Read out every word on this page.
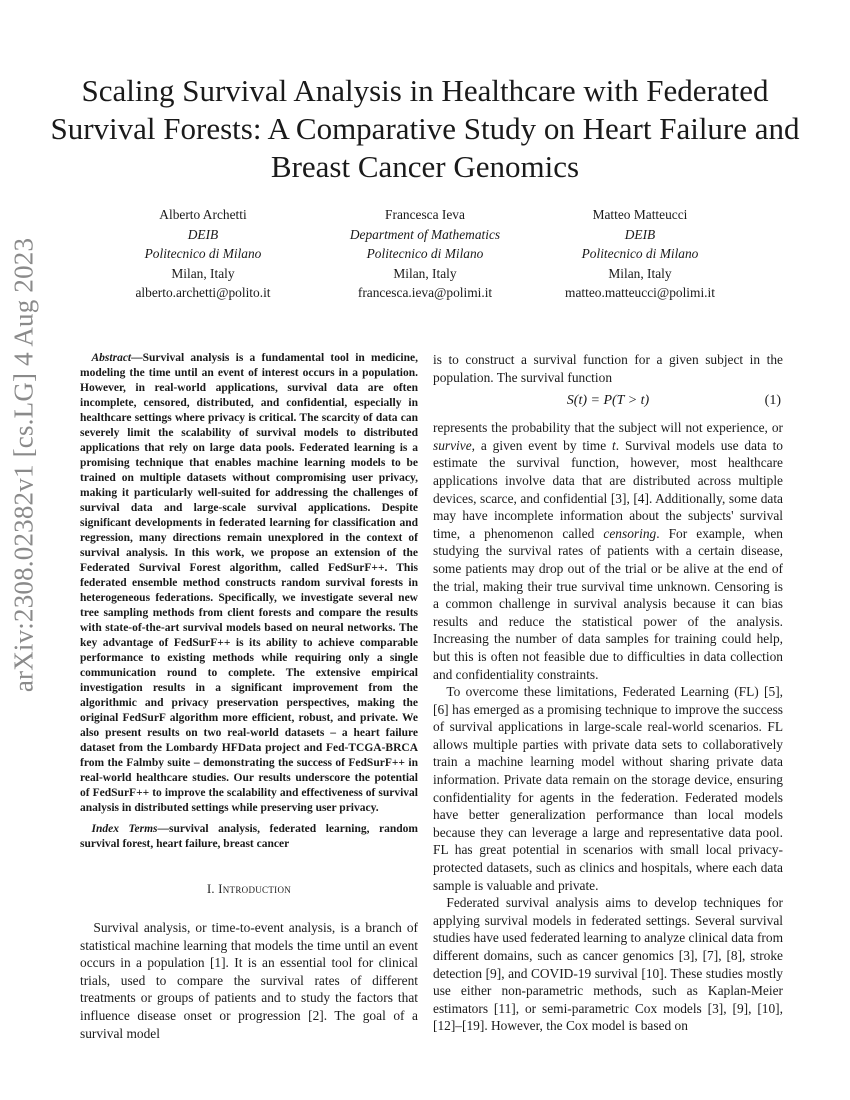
Scaling Survival Analysis in Healthcare with Federated Survival Forests: A Comparative Study on Heart Failure and Breast Cancer Genomics
Alberto Archetti
DEIB
Politecnico di Milano
Milan, Italy
alberto.archetti@polito.it
Francesca Ieva
Department of Mathematics
Politecnico di Milano
Milan, Italy
francesca.ieva@polimi.it
Matteo Matteucci
DEIB
Politecnico di Milano
Milan, Italy
matteo.matteucci@polimi.it
arXiv:2308.02382v1 [cs.LG] 4 Aug 2023	Abstract—Survival analysis is a fundamental tool in medicine, modeling the time until an event of interest occurs in a population. However, in real-world applications, survival data are often incomplete, censored, distributed, and confidential, especially in healthcare settings where privacy is critical. The scarcity of data can severely limit the scalability of survival models to distributed applications that rely on large data pools. Federated learning is a promising technique that enables machine learning models to be trained on multiple datasets without compromising user privacy, making it particularly well-suited for addressing the challenges of survival data and large-scale survival applications. Despite significant developments in federated learning for classification and regression, many directions remain unexplored in the context of survival analysis. In this work, we propose an extension of the Federated Survival Forest algorithm, called FedSurF++. This federated ensemble method constructs random survival forests in heterogeneous federations. Specifically, we investigate several new tree sampling methods from client forests and compare the results with state-of-the-art survival models based on neural networks. The key advantage of FedSurF++ is its ability to achieve comparable performance to existing methods while requiring only a single communication round to complete. The extensive empirical investigation results in a significant improvement from the algorithmic and privacy preservation perspectives, making the original FedSurF algorithm more efficient, robust, and private. We also present results on two real-world datasets – a heart failure dataset from the Lombardy HFData project and Fed-TCGA-BRCA from the Falmby suite – demonstrating the success of FedSurF++ in real-world healthcare studies. Our results underscore the potential of FedSurF++ to improve the scalability and effectiveness of survival analysis in distributed settings while preserving user privacy.

Index Terms—survival analysis, federated learning, random survival forest, heart failure, breast cancer

I. Introduction

Survival analysis, or time-to-event analysis, is a branch of statistical machine learning that models the time until an event occurs in a population [1]. It is an essential tool for clinical trials, used to compare the survival rates of different treatments or groups of patients and to study the factors that influence disease onset or progression [2]. The goal of a survival model

is to construct a survival function for a given subject in the population. The survival function

S(t) = P(T > t)	(1)

represents the probability that the subject will not experience, or survive, a given event by time t. Survival models use data to estimate the survival function, however, most healthcare applications involve data that are distributed across multiple devices, scarce, and confidential [3], [4]. Additionally, some data may have incomplete information about the subjects' survival time, a phenomenon called censoring. For example, when studying the survival rates of patients with a certain disease, some patients may drop out of the trial or be alive at the end of the trial, making their true survival time unknown. Censoring is a common challenge in survival analysis because it can bias results and reduce the statistical power of the analysis. Increasing the number of data samples for training could help, but this is often not feasible due to difficulties in data collection and confidentiality constraints.

To overcome these limitations, Federated Learning (FL) [5], [6] has emerged as a promising technique to improve the success of survival applications in large-scale real-world scenarios. FL allows multiple parties with private data sets to collaboratively train a machine learning model without sharing private data information. Private data remain on the storage device, ensuring confidentiality for agents in the federation. Federated models have better generalization performance than local models because they can leverage a large and representative data pool. FL has great potential in scenarios with small local privacy-protected datasets, such as clinics and hospitals, where each data sample is valuable and private.

Federated survival analysis aims to develop techniques for applying survival models in federated settings. Several survival studies have used federated learning to analyze clinical data from different domains, such as cancer genomics [3], [7], [8], stroke detection [9], and COVID-19 survival [10]. These studies mostly use either non-parametric methods, such as Kaplan-Meier estimators [11], or semi-parametric Cox models [3], [9], [10], [12]–[19]. However, the Cox model is based on
